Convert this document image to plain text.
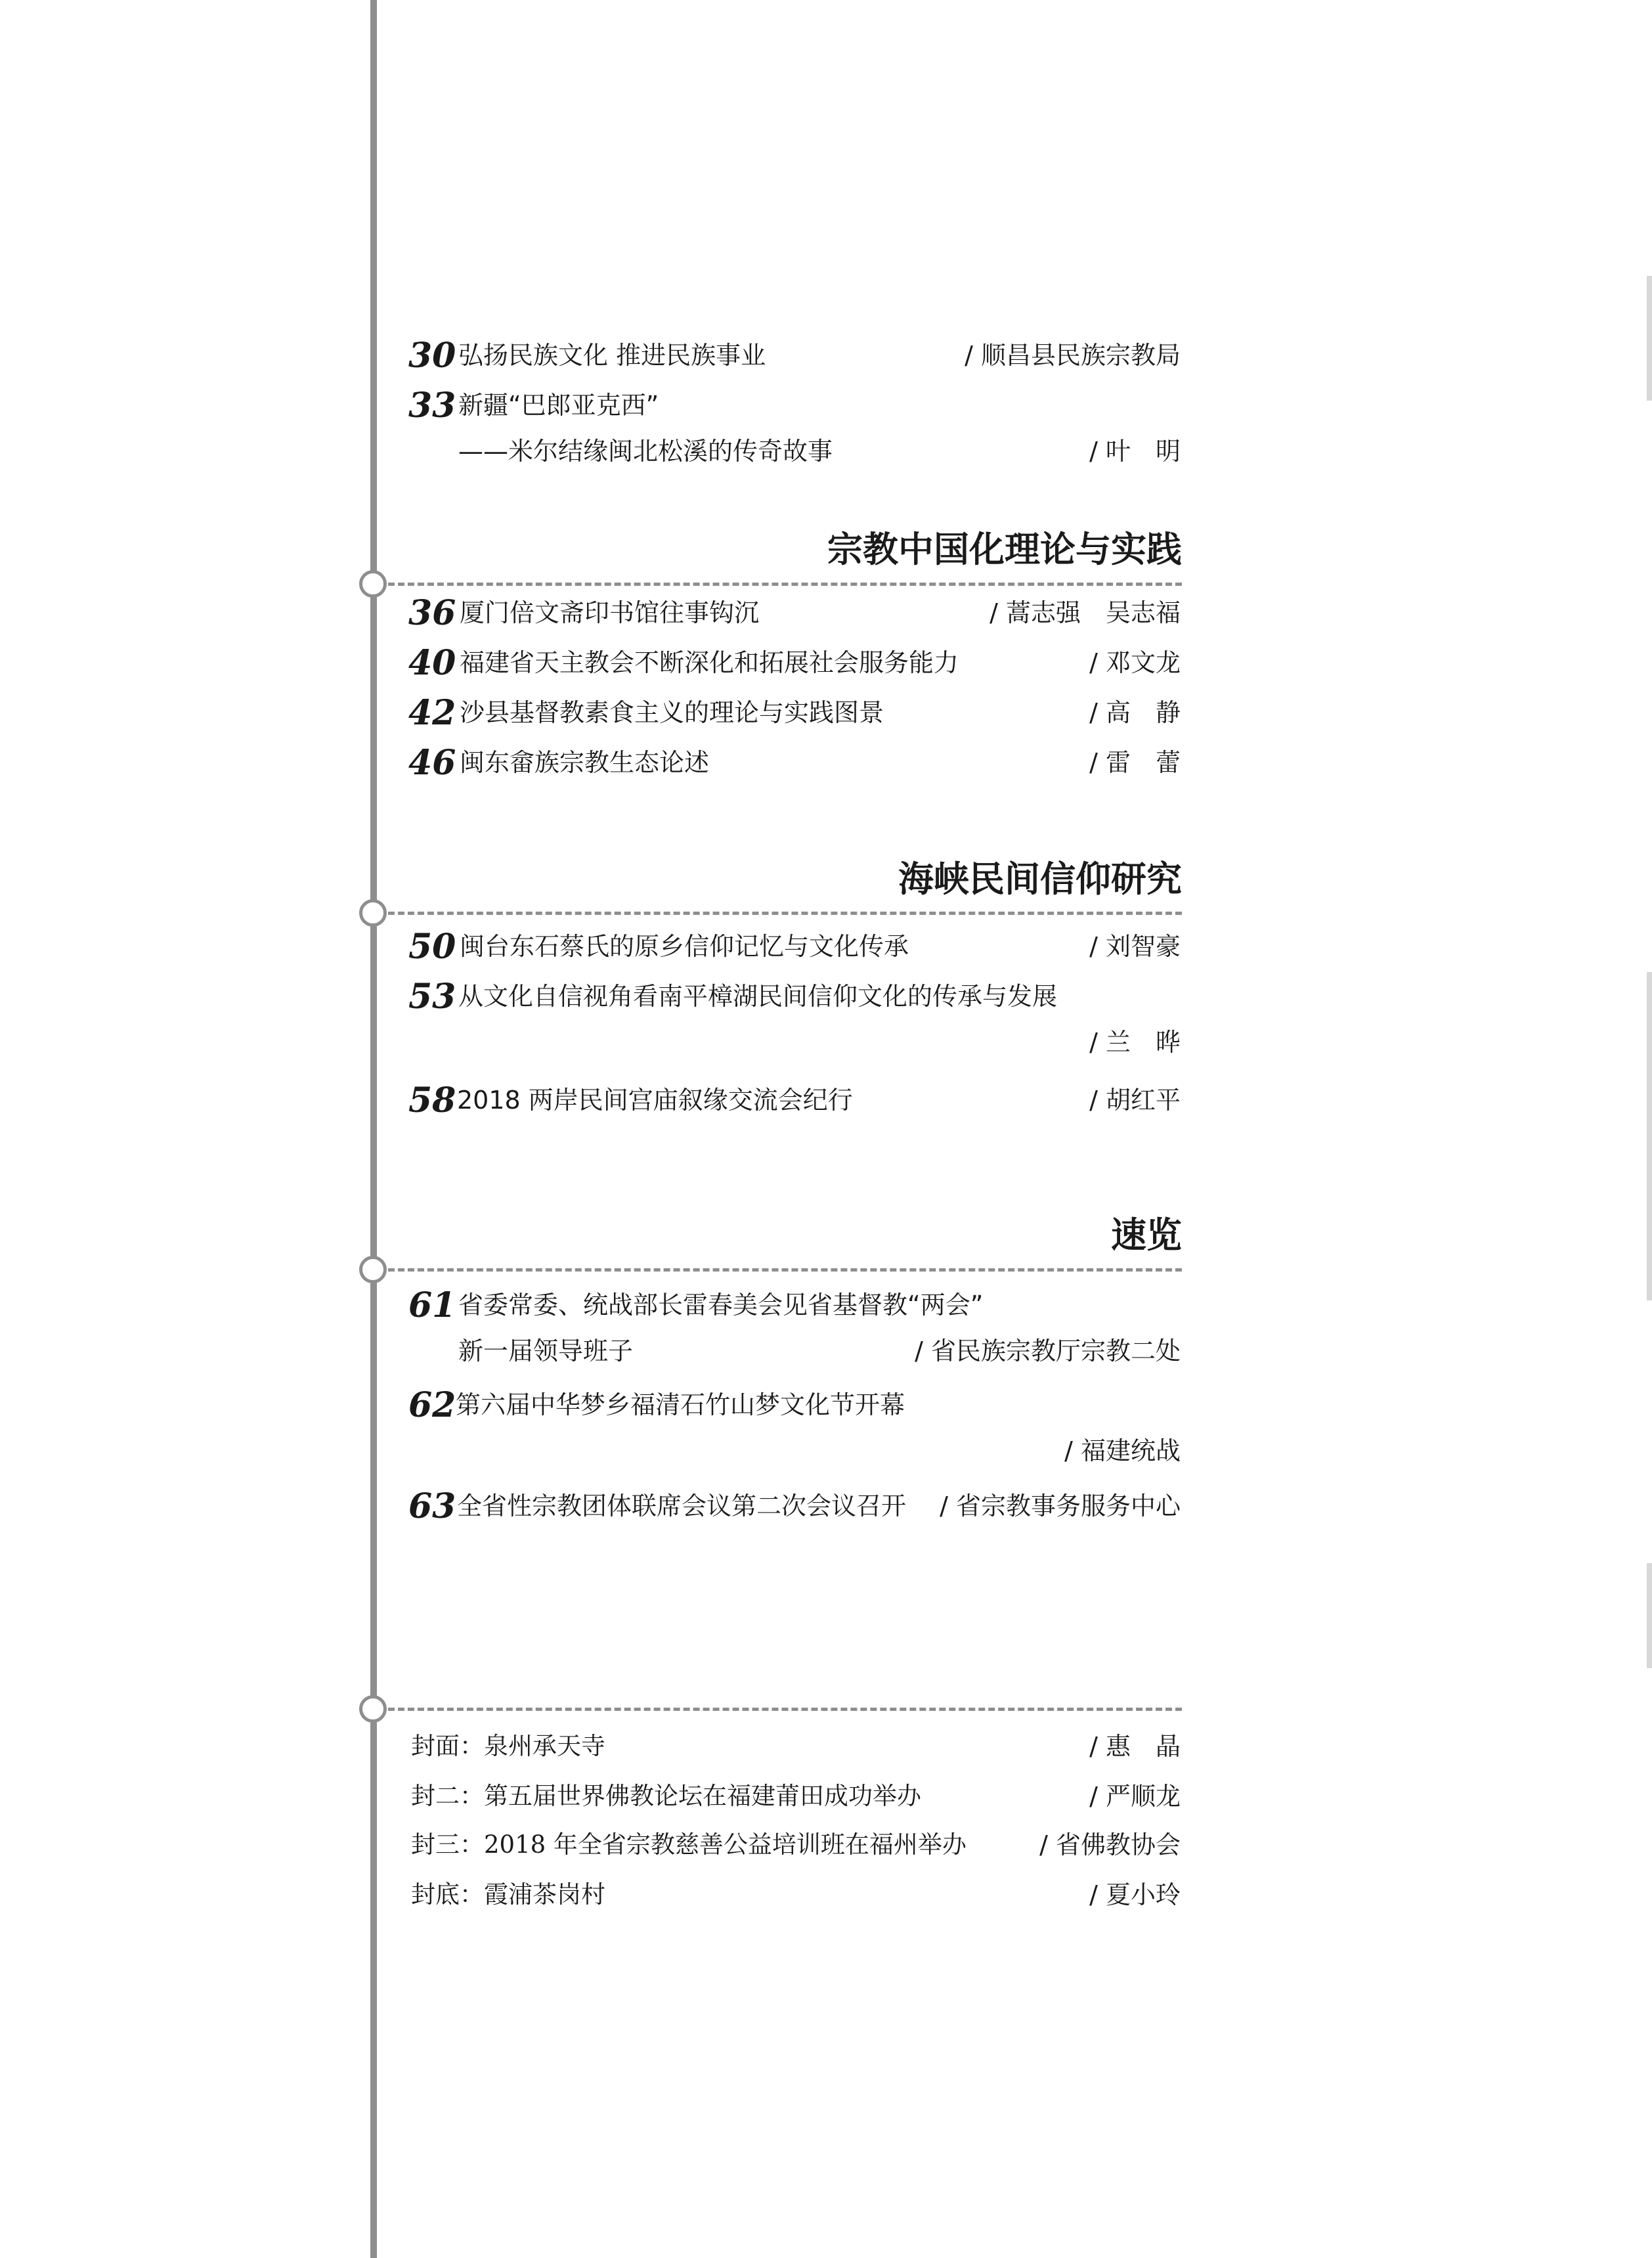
30 弘扬民族文化 推进民族事业	/ 顺昌县民族宗教局
33 新疆“巴郎亚克西”
——米尔结缘闽北松溪的传奇故事	/ 叶　明
宗教中国化理论与实践
36 厦门倍文斋印书馆往事钩沉	/ 蒿志强　吴志福
40 福建省天主教会不断深化和拓展社会服务能力	/ 邓文龙
42 沙县基督教素食主义的理论与实践图景	/ 高　静
46 闽东畲族宗教生态论述	/ 雷　蕾
海峡民间信仰研究
50 闽台东石蔡氏的原乡信仰记忆与文化传承	/ 刘智豪
53 从文化自信视角看南平樟湖民间信仰文化的传承与发展
/ 兰　晔
58 2018 两岸民间宫庙叙缘交流会纪行	/ 胡红平
速览
61 省委常委、统战部长雷春美会见省基督教“两会”
新一届领导班子	/ 省民族宗教厅宗教二处
62 第六届中华梦乡福清石竹山梦文化节开幕
/ 福建统战
63 全省性宗教团体联席会议第二次会议召开 / 省宗教事务服务中心
封面：泉州承天寺	/ 惠　晶
封二：第五届世界佛教论坛在福建莆田成功举办	/ 严顺龙
封三：2018 年全省宗教慈善公益培训班在福州举办	/ 省佛教协会
封底：霞浦茶岗村	/ 夏小玲
